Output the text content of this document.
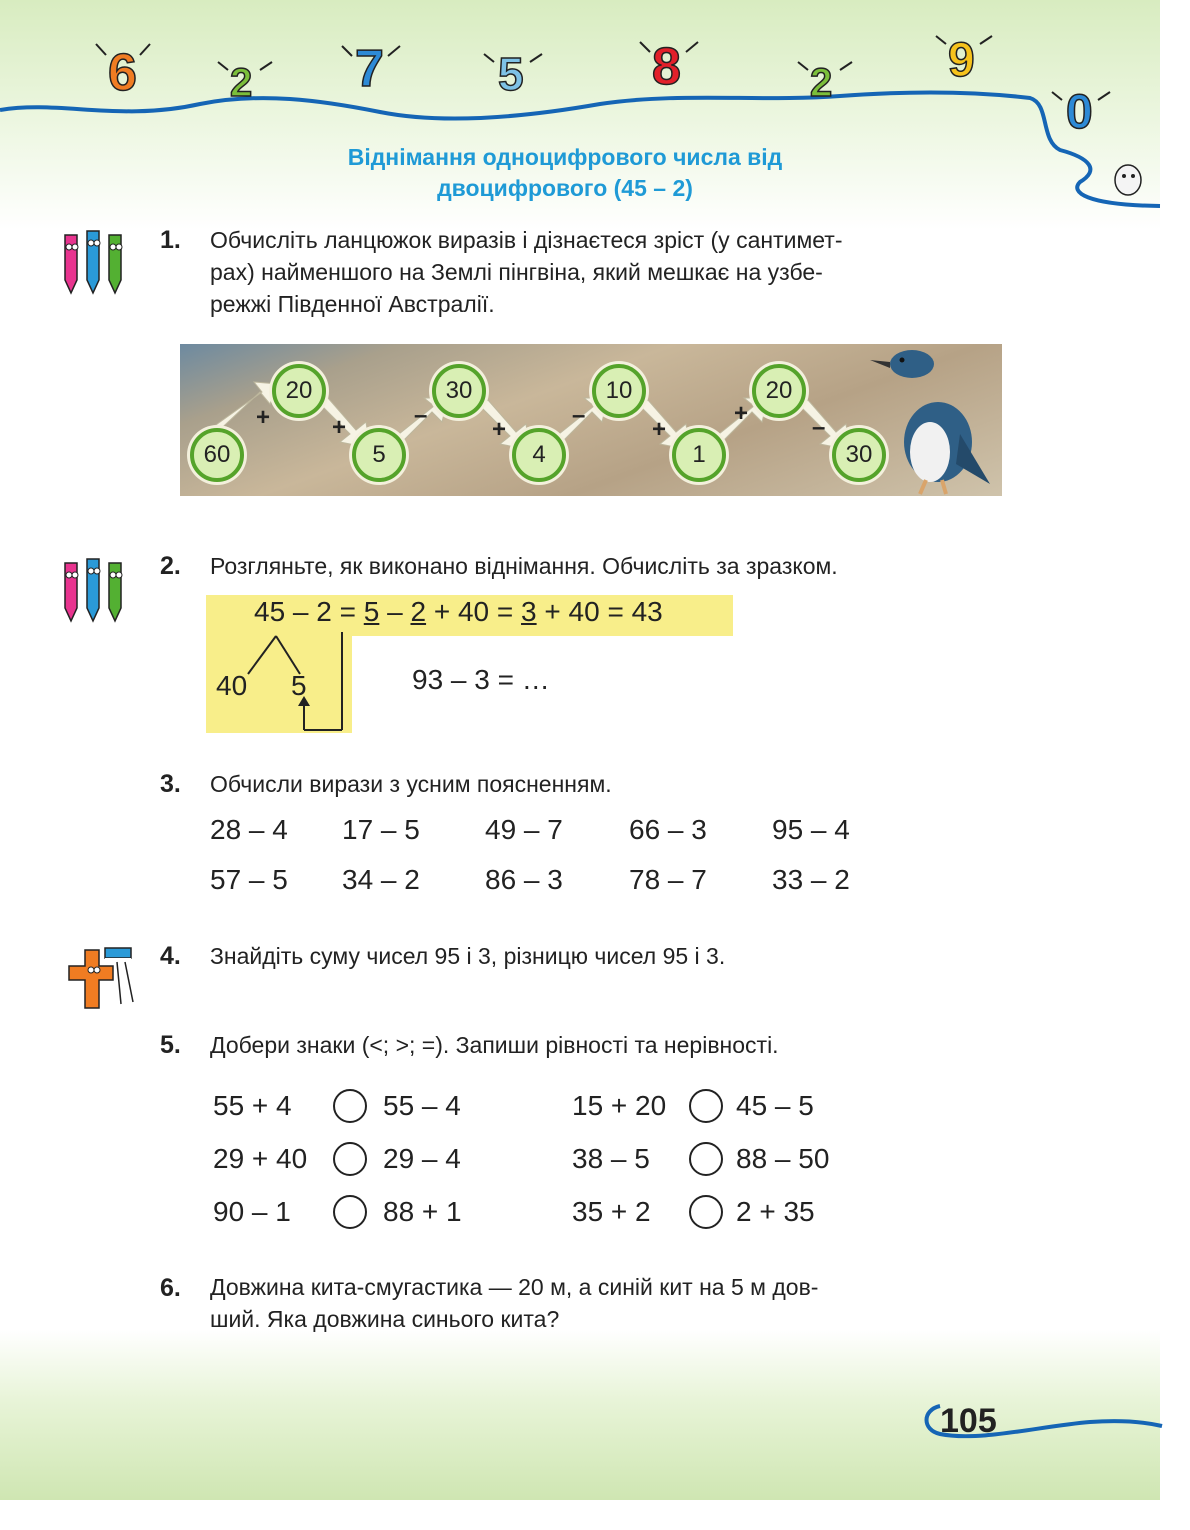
6 2 7 5 8	2 9
0
Віднімання одноцифрового числа від
двоцифрового (45 – 2)
1. Обчисліть ланцюжок виразів і дізнаєтеся зріст (у сантимет-
рах) найменшого на Землі пінгвіна, який мешкає на узбе-
режжі Південної Австралії.
+	+	–
+
–
+
+
–
60
20
5
30
4
10
1
20
30
2. Розгляньте, як виконано віднімання. Обчисліть за зразком.
45 – 2 = 5 – 2 + 40 = 3 + 40 = 43
40 5	93 – 3 = …
3. Обчисли вирази з усним поясненням.
28 – 4 17 – 5 49 – 7 66 – 3 95 – 4
57 – 5 34 – 2 86 – 3 78 – 7 33 – 2
4. Знайдіть суму чисел 95 і 3, різницю чисел 95 і 3.
5. Добери знаки (<; >; =). Запиши рівності та нерівності.
55 + 4	55 – 4	15 + 20 45 – 5
29 + 40	29 – 4	38 – 5	88 – 50
90 – 1	88 + 1	35 + 2	2 + 35
6. Довжина кита-смугастика — 20 м, а синій кит на 5 м дов-
ший. Яка довжина синього кита?
105
